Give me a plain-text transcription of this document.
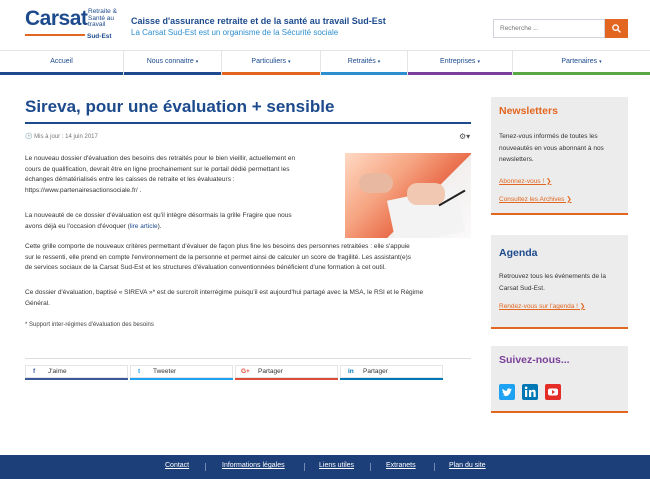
Carsat Retraite & Santé au travail
Sud-Est
Caisse d'assurance retraite et de la santé au travail Sud-Est
La Carsat Sud-Est est un organisme de la Sécurité sociale
Recherche ...
Accueil	Nous connaitre ▾	Particuliers ▾	Retraités ▾	Entreprises ▾	Partenaires ▾
Sireva, pour une évaluation + sensible
🕒 Mis à jour : 14 juin 2017	⚙▾
Le nouveau dossier d'évaluation des besoins des retraités pour le bien vieillir, actuellement en
cours de qualification, devrait être en ligne prochainement sur le portail dédié permettant les
échanges dématérialisés entre les caisses de retraite et les évaluateurs :
https://www.partenairesactionsociale.fr/ .
La nouveauté de ce dossier d'évaluation est qu'il intègre désormais la grille Fragire que nous
avons déjà eu l'occasion d'évoquer (lire article).
Cette grille comporte de nouveaux critères permettant d'évaluer de façon plus fine les besoins des personnes retraitées : elle s'appuie
sur le ressenti, elle prend en compte l'environnement de la personne et permet ainsi de calculer un score de fragilité. Les assistant(e)s
de services sociaux de la Carsat Sud-Est et les structures d'évaluation conventionnées bénéficient d'une formation à cet outil.
Ce dossier d'évaluation, baptisé « SIREVA »* est de surcroît interrégime puisqu'il est aujourd'hui partagé avec la MSA, le RSI et le Régime
Général.
* Support inter-régimes d'évaluation des besoins
f J'aime	t Tweeter	G+ Partager	in Partager
Newsletters
Tenez-vous informés de toutes les
nouveautés en vous abonnant à nos
newsletters.
Abonnez-vous ! ❯
Consultez les Archives ❯
Agenda
Retrouvez tous les événements de la
Carsat Sud-Est.
Rendez-vous sur l'agenda ! ❯
Suivez-nous...
Contact	Informations légales	Liens utiles	Extranets	Plan du site
